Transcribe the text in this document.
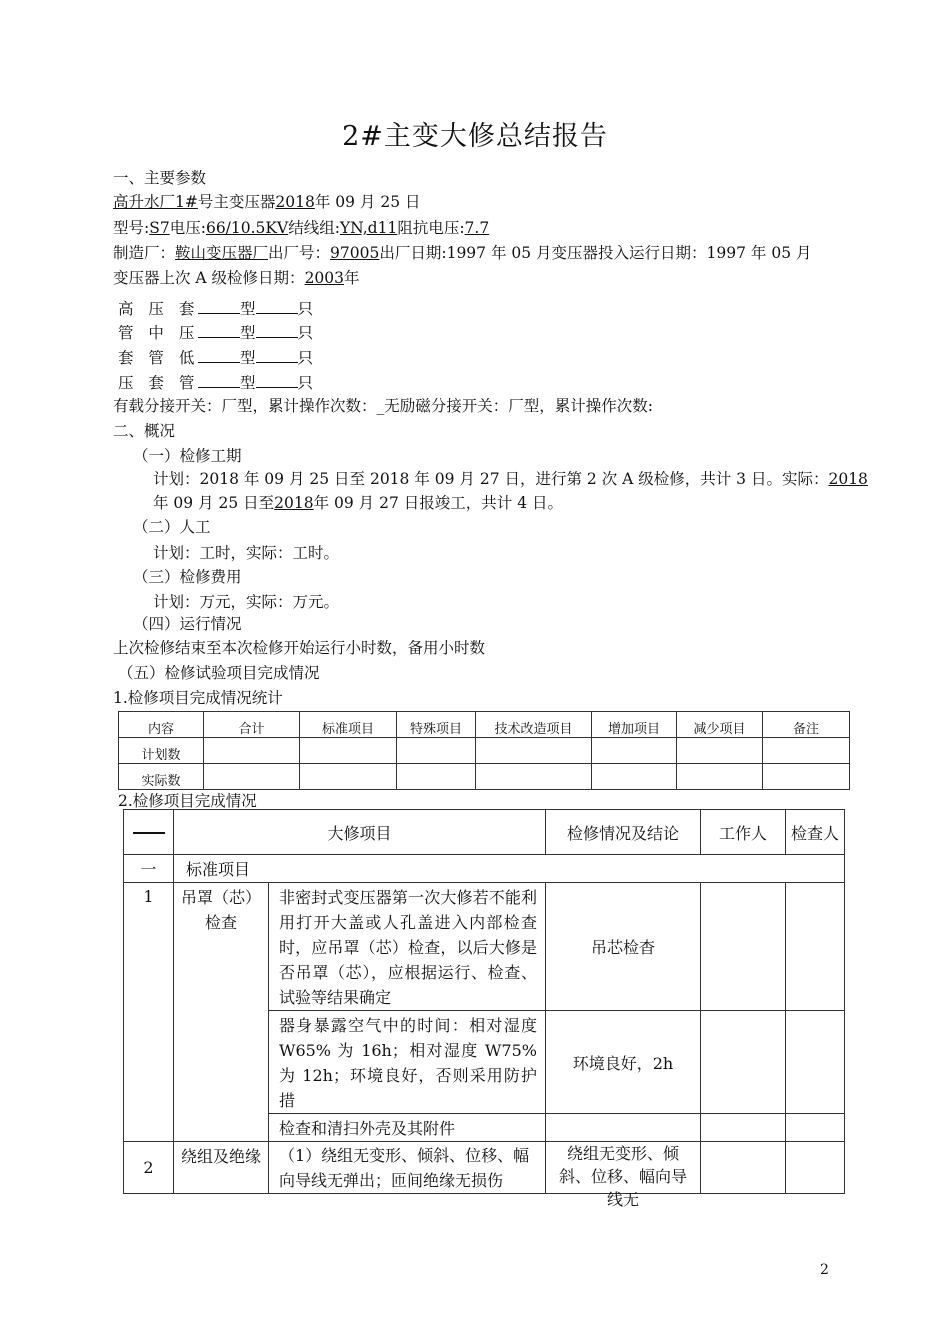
2#主变大修总结报告
一、主要参数
高升水厂1#号主变压器2018年 09 月 25 日
型号:S7电压:66/10.5KV结线组:YN,d11阻抗电压:7.7
制造厂：鞍山变压器厂出厂号：97005出厂日期:1997 年 05 月变压器投入运行日期：1997 年 05 月
变压器上次 A 级检修日期：2003年
高 压 套	型	只
管 中 压	型	只
套 管 低	型	只
压 套 管	型	只
有载分接开关：厂型，累计操作次数：_无励磁分接开关：厂型，累计操作次数:
二、概况
（一）检修工期
计划：2018 年 09 月 25 日至 2018 年 09 月 27 日，进行第 2 次 A 级检修，共计 3 日。实际：2018
年 09 月 25 日至2018年 09 月 27 日报竣工，共计 4 日。
（二）人工
计划：工时，实际：工时。
（三）检修费用
计划：万元，实际：万元。
（四）运行情况
上次检修结束至本次检修开始运行小时数，备用小时数
（五）检修试验项目完成情况
1.检修项目完成情况统计
内容	合计	标准项目	特殊项目	技术改造项目	增加项目	减少项目	备注
计划数							
实际数							
2.检修项目完成情况
	大修项目		检修情况及结论	工作人	检查人
一	标准项目				
1	吊罩（芯）检查	非密封式变压器第一次大修若不能利用打开大盖或人孔盖进入内部检查时，应吊罩（芯）检查，以后大修是否吊罩（芯），应根据运行、检查、试验等结果确定	吊芯检杳		
		器身暴露空气中的时间：相对湿度 W65% 为 16h；相对湿度 W75% 为 12h；环境良好，否则采用防护措	环境良好，2h		
		检查和清扫外壳及其附件			
2	绕组及绝缘	（1）绕组无变形、倾斜、位移、幅向导线无弹出；匝间绝缘无损伤	绕组无变形、倾斜、位移、幅向导线无		

2
